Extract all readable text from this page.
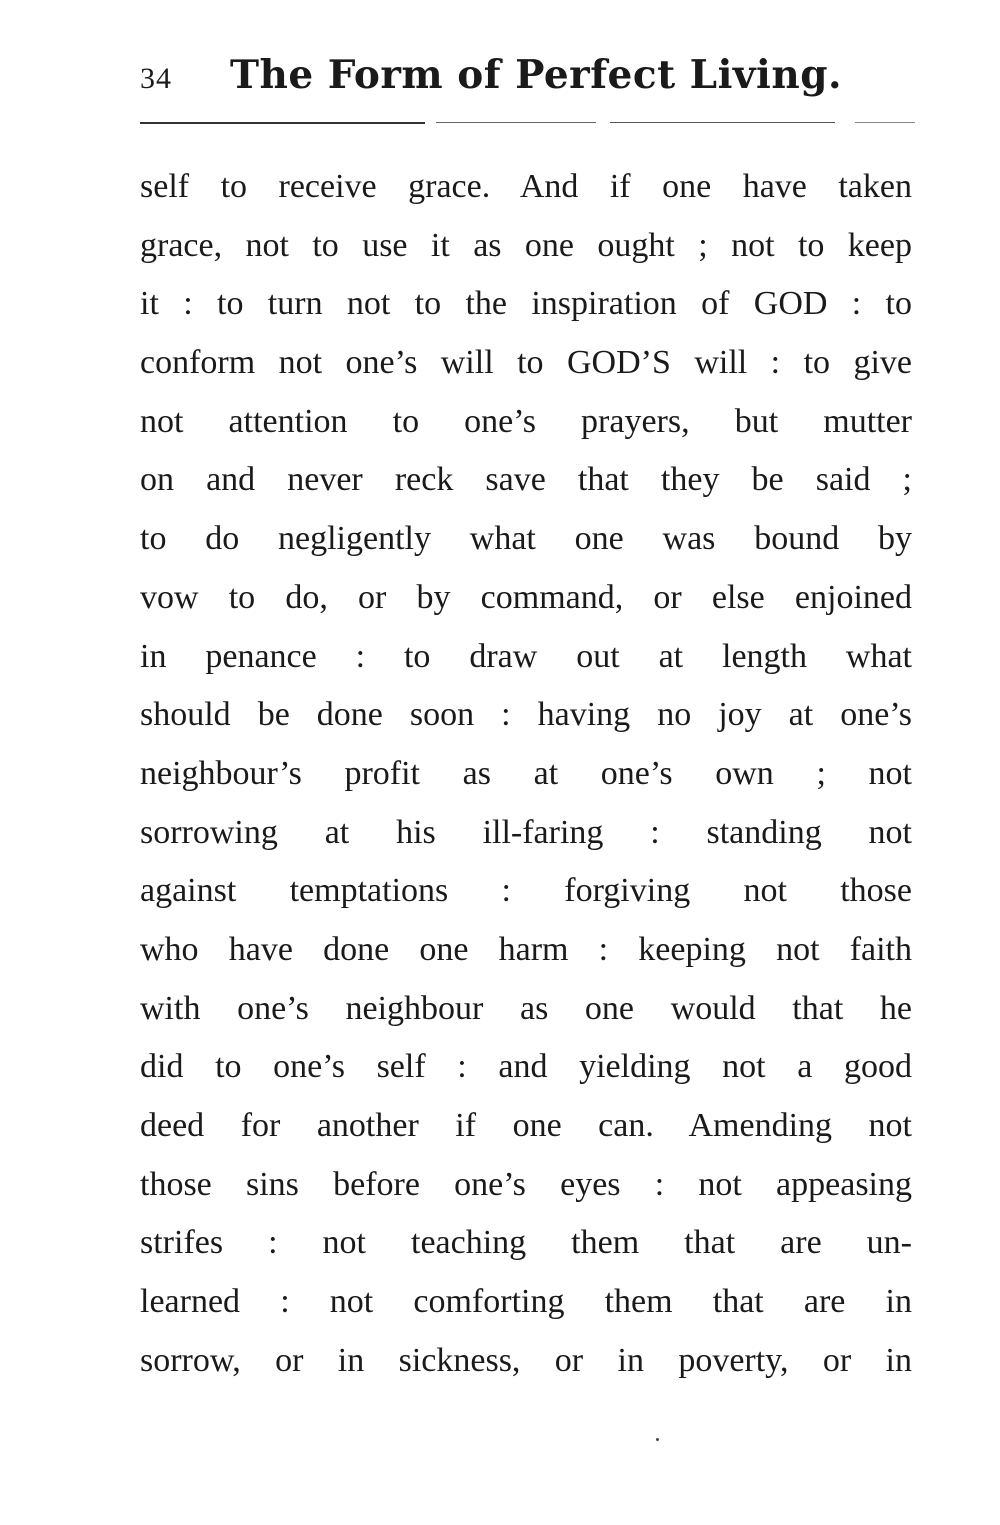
34 The Form of Perfect Living.
self to receive grace. And if one have taken
grace, not to use it as one ought ; not to keep
it : to turn not to the inspiration of GOD : to
conform not one’s will to GOD’S will : to give
not attention to one’s prayers, but mutter
on and never reck save that they be said ;
to do negligently what one was bound by
vow to do, or by command, or else enjoined
in penance : to draw out at length what
should be done soon : having no joy at one’s
neighbour’s profit as at one’s own ; not
sorrowing at his ill-faring : standing not
against temptations : forgiving not those
who have done one harm : keeping not faith
with one’s neighbour as one would that he
did to one’s self : and yielding not a good
deed for another if one can. Amending not
those sins before one’s eyes : not appeasing
strifes : not teaching them that are un-
learned : not comforting them that are in
sorrow, or in sickness, or in poverty, or in
